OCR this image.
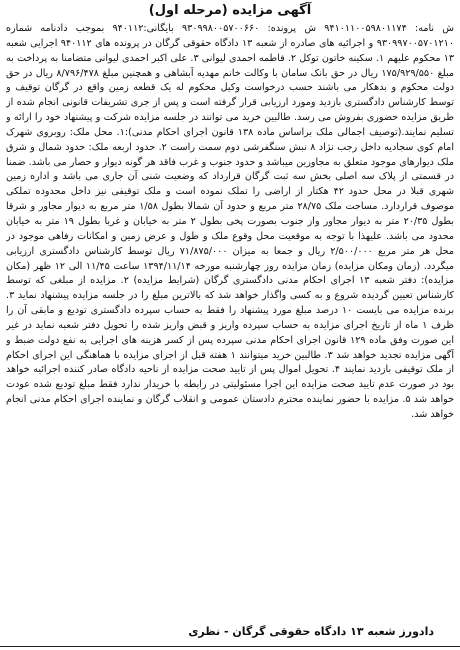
آگهی مزایده (مرحله اول)
ش نامه: ۹۴۱۰۱۱۰۰۵۹۸۰۱۱۷۴ ش پرونده: ۹۳۰۹۹۸۰۰۵۷۰۰۶۶۰ بایگانی:۹۴۰۱۱۲ بموجب دادنامه شماره ۹۳۰۹۹۷۰۰۵۷۰۱۲۱۰ و اجرائیه های صادره از شعبه ۱۳ دادگاه حقوقی گرگان در پرونده های ۹۴۰۱۱۲ اجرایی شعبه ۱۳ محکوم علیهم ۱. سکینه خاتون توکل ۲. فاطمه احمدی لیوانی ۳. علی اکبر احمدی لیوانی متضامنا به پرداخت به مبلغ ۱۷۵/۹۲۹/۵۵۰ ریال در حق بانک سامان با وکالت خانم مهدیه آبشاهی و همچنین مبلغ ۸/۷۹۶/۴۷۸ ریال در حق دولت محکوم و بدهکار می باشند حسب درخواست وکیل محکوم له یک قطعه زمین واقع در گرگان توقیف و توسط کارشناس دادگستری بازدید ومورد ارزیابی قرار گرفته است و پس از جری تشریفات قانونی انجام شده از طریق مزایده حضوری بفروش می رسد. طالبین خرید می توانند در جلسه مزایده شرکت و پیشنهاد خود را ارائه و تسلیم نمایند.(توصیف اجمالی ملک براساس ماده ۱۳۸ قانون اجرای احکام مدنی):۱. محل ملک: روبروی شهرک امام کوی سجادیه داخل رجب نژاد ۸ نبش سنگفرشی دوم سمت راست ۲. حدود اربعه ملک: حدود شمال و شرق ملک دیوارهای موجود متعلق به مجاورین میباشد و حدود جنوب و غرب فاقد هر گونه دیوار و حصار می باشد. ضمنا در قسمتی از پلاک سه اصلی بخش سه ثبت گرگان قرارداد که وضعیت شنی آن جاری می باشد و اداره زمین شهری قبلا در محل حدود ۴۲ هکتار از اراضی را تملک نموده است و ملک توقیفی نیز داخل محدوده تملکی موصوف قراردارد. مساحت ملک ۲۸/۷۵ متر مربع و حدود آن شمالا بطول ۱/۵۸ متر مربع به دیوار مجاور و شرقا بطول ۲۰/۳۵ متر به دیوار مجاور واز جنوب بصورت پخی بطول ۲ متر به خیابان و غربا بطول ۱۹ متر به خیابان محدود می باشد. علیهذا با توجه به موقعیت محل وقوع ملک و طول و عرض زمین و امکانات رفاهی موجود در محل هر متر مربع ۲/۵۰۰/۰۰۰ ریال و جمعا به میزان ۷۱/۸۷۵/۰۰۰ ریال توسط کارشناس دادگستری ارزیابی میگردد. (زمان ومکان مزایده) زمان مزایده روز چهارشنبه مورخه ۱۳۹۴/۱۱/۱۴ ساعت ۱۱/۴۵ الی ۱۲ ظهر (مکان مزایده): دفتر شعبه ۱۳ اجرای احکام مدنی دادگستری گرگان (شرایط مزایده) ۲. مزایده از مبلغی که توسط کارشناس تعیین گردیده شروع و به کسی واگذار خواهد شد که بالاترین مبلغ را در جلسه مزایده پیشنهاد نماید ۳. برنده مزایده می بایست ۱۰ درصد مبلغ مورد پیشنهاد را فقط به حساب سپرده دادگستری تودیع و مابقی آن را ظرف ۱ ماه از تاریخ اجرای مزایده به حساب سپرده واریز و قبض واریز شده را تحویل دفتر شعبه نماید در غیر این صورت وفق ماده ۱۲۹ قانون اجرای احکام مدنی سپرده پس از کسر هزینه های اجرایی به نفع دولت ضبط و آگهی مزایده تجدید خواهد شد ۳. طالبین خرید میتوانند ۱ هفته قبل از اجرای مزایده با هماهنگی این اجرای احکام از ملک توقیفی بازدید نمایند ۴. تحویل اموال پس از تایید صحت مزایده از ناحیه دادگاه صادر کننده اجرائیه خواهد بود در صورت عدم تایید صحت مزایده این اجرا مسئولیتی در رابطه با خریدار ندارد فقط مبلغ تودیع شده عودت خواهد شد ۵. مزایده با حضور نماینده محترم دادستان عمومی و انقلاب گرگان و نماینده اجرای احکام مدنی انجام خواهد شد.
دادورز شعبه ۱۳ دادگاه حقوقی گرگان - نظری
